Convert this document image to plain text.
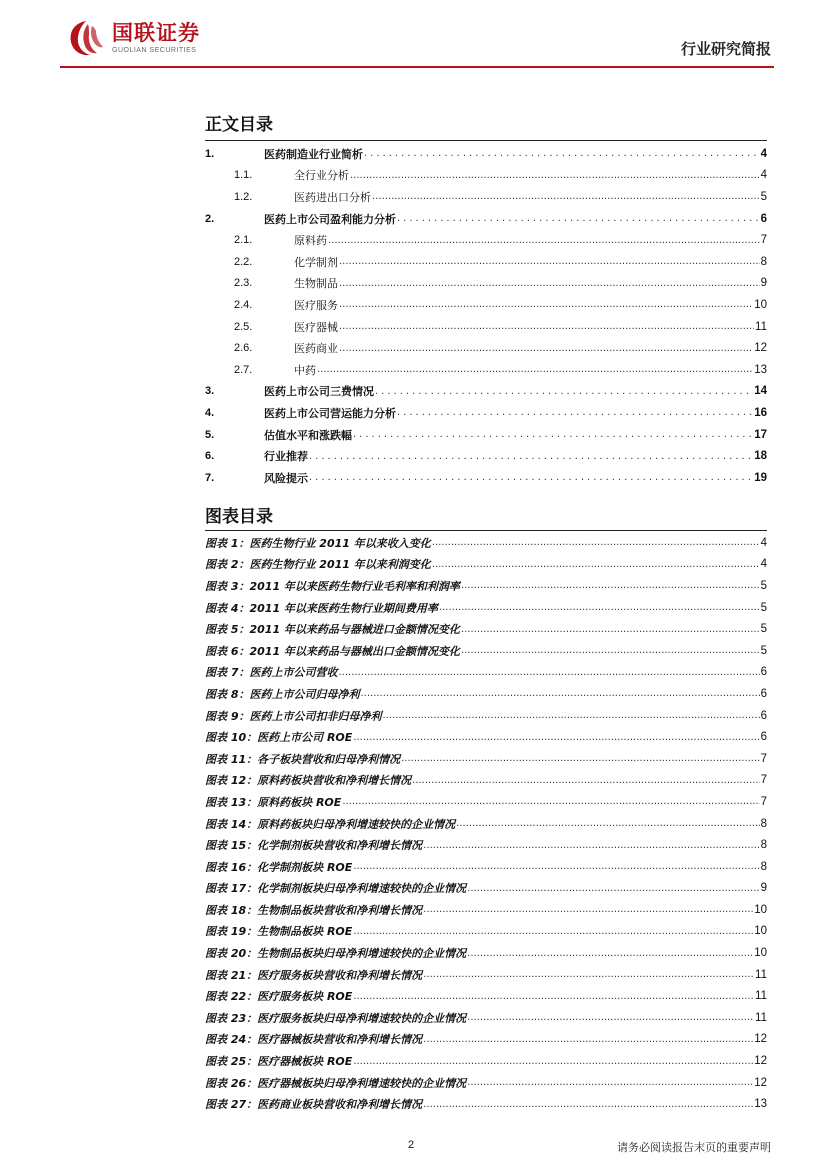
国联证券
GUOLIAN SECURITIES	行业研究简报
正文目录
1.	医药制造业行业简析 .....	4
1.1.	全行业分析 .....	4
1.2.	医药进出口分析 .....	5
2.	医药上市公司盈利能力分析 .....	6
2.1.	原料药 .....	7
2.2.	化学制剂 .....	8
2.3.	生物制品 .....	9
2.4.	医疗服务 .....	10
2.5.	医疗器械 .....	11
2.6.	医药商业 .....	12
2.7.	中药 .....	13
3.	医药上市公司三费情况 .....	14
4.	医药上市公司营运能力分析 .....	16
5.	估值水平和涨跌幅 .....	17
6.	行业推荐 .....	18
7.	风险提示 .....	19
图表目录
图表 1：医药生物行业 2011 年以来收入变化 .....	4
图表 2：医药生物行业 2011 年以来利润变化 .....	4
图表 3：2011 年以来医药生物行业毛利率和利润率 .....	5
图表 4：2011 年以来医药生物行业期间费用率 .....	5
图表 5：2011 年以来药品与器械进口金额情况变化 .....	5
图表 6：2011 年以来药品与器械出口金额情况变化 .....	5
图表 7：医药上市公司营收 .....	6
图表 8：医药上市公司归母净利 .....	6
图表 9：医药上市公司扣非归母净利 .....	6
图表 10：医药上市公司 ROE .....	6
图表 11：各子板块营收和归母净利情况 .....	7
图表 12：原料药板块营收和净利增长情况 .....	7
图表 13：原料药板块 ROE .....	7
图表 14：原料药板块归母净利增速较快的企业情况 .....	8
图表 15：化学制剂板块营收和净利增长情况 .....	8
图表 16：化学制剂板块 ROE .....	8
图表 17：化学制剂板块归母净利增速较快的企业情况 .....	9
图表 18：生物制品板块营收和净利增长情况 .....	10
图表 19：生物制品板块 ROE .....	10
图表 20：生物制品板块归母净利增速较快的企业情况 .....	10
图表 21：医疗服务板块营收和净利增长情况 .....	11
图表 22：医疗服务板块 ROE .....	11
图表 23：医疗服务板块归母净利增速较快的企业情况 .....	11
图表 24：医疗器械板块营收和净利增长情况 .....	12
图表 25：医疗器械板块 ROE .....	12
图表 26：医疗器械板块归母净利增速较快的企业情况 .....	12
图表 27：医药商业板块营收和净利增长情况 .....	13
2	请务必阅读报告末页的重要声明
